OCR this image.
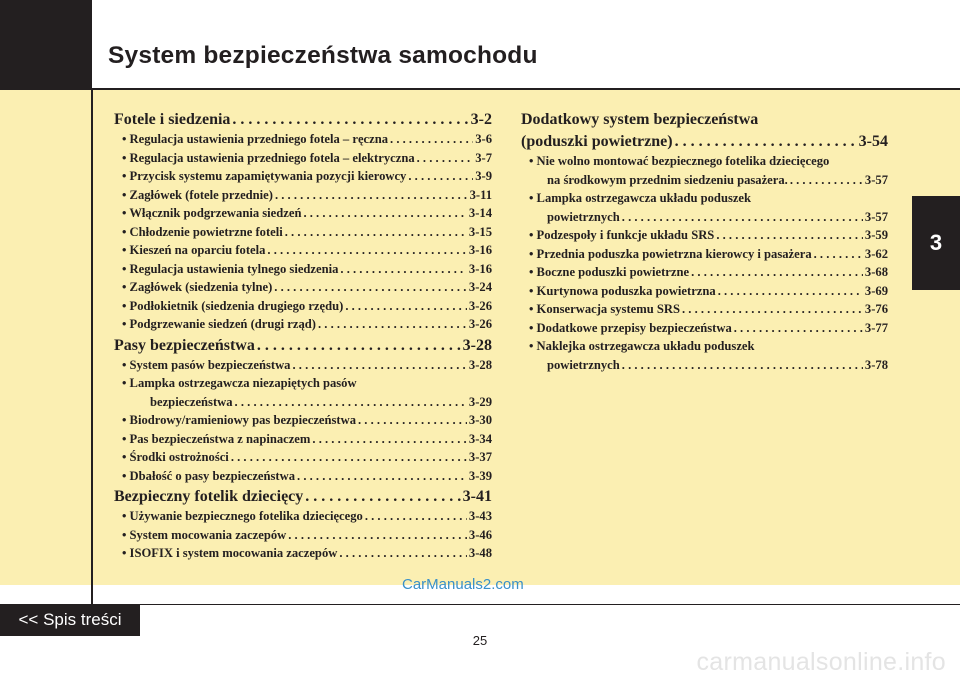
System bezpieczeństwa samochodu
3
Fotele i siedzenia . . .	3-2
• Regulacja ustawienia przedniego fotela – ręczna . . .	3-6
• Regulacja ustawienia przedniego fotela – elektryczna . . .	3-7
• Przycisk systemu zapamiętywania pozycji kierowcy . . .	3-9
• Zagłówek (fotele przednie) . . .	3-11
• Włącznik podgrzewania siedzeń . . .	3-14
• Chłodzenie powietrzne foteli . . .	3-15
• Kieszeń na oparciu fotela . . .	3-16
• Regulacja ustawienia tylnego siedzenia . . .	3-16
• Zagłówek (siedzenia tylne) . . .	3-24
• Podłokietnik (siedzenia drugiego rzędu) . . .	3-26
• Podgrzewanie siedzeń (drugi rząd) . . .	3-26
Pasy bezpieczeństwa . . .	3-28
• System pasów bezpieczeństwa . . .	3-28
• Lampka ostrzegawcza niezapiętych pasów
bezpieczeństwa . . .	3-29
• Biodrowy/ramieniowy pas bezpieczeństwa . . .	3-30
• Pas bezpieczeństwa z napinaczem . . .	3-34
• Środki ostrożności . . .	3-37
• Dbałość o pasy bezpieczeństwa . . .	3-39
Bezpieczny fotelik dziecięcy . . .	3-41
• Używanie bezpiecznego fotelika dziecięcego . . .	3-43
• System mocowania zaczepów . . .	3-46
• ISOFIX i system mocowania zaczepów . . .	3-48
Dodatkowy system bezpieczeństwa
(poduszki powietrzne) . . .	3-54
• Nie wolno montować bezpiecznego fotelika dziecięcego
na środkowym przednim siedzeniu pasażera. . . .	3-57
• Lampka ostrzegawcza układu poduszek
powietrznych . . .	3-57
• Podzespoły i funkcje układu SRS . . .	3-59
• Przednia poduszka powietrzna kierowcy i pasażera . . .	3-62
• Boczne poduszki powietrzne . . .	3-68
• Kurtynowa poduszka powietrzna . . .	3-69
• Konserwacja systemu SRS . . .	3-76
• Dodatkowe przepisy bezpieczeństwa . . .	3-77
• Naklejka ostrzegawcza układu poduszek
powietrznych . . .	3-78
CarManuals2.com
<< Spis treści
25
carmanualsonline.info
